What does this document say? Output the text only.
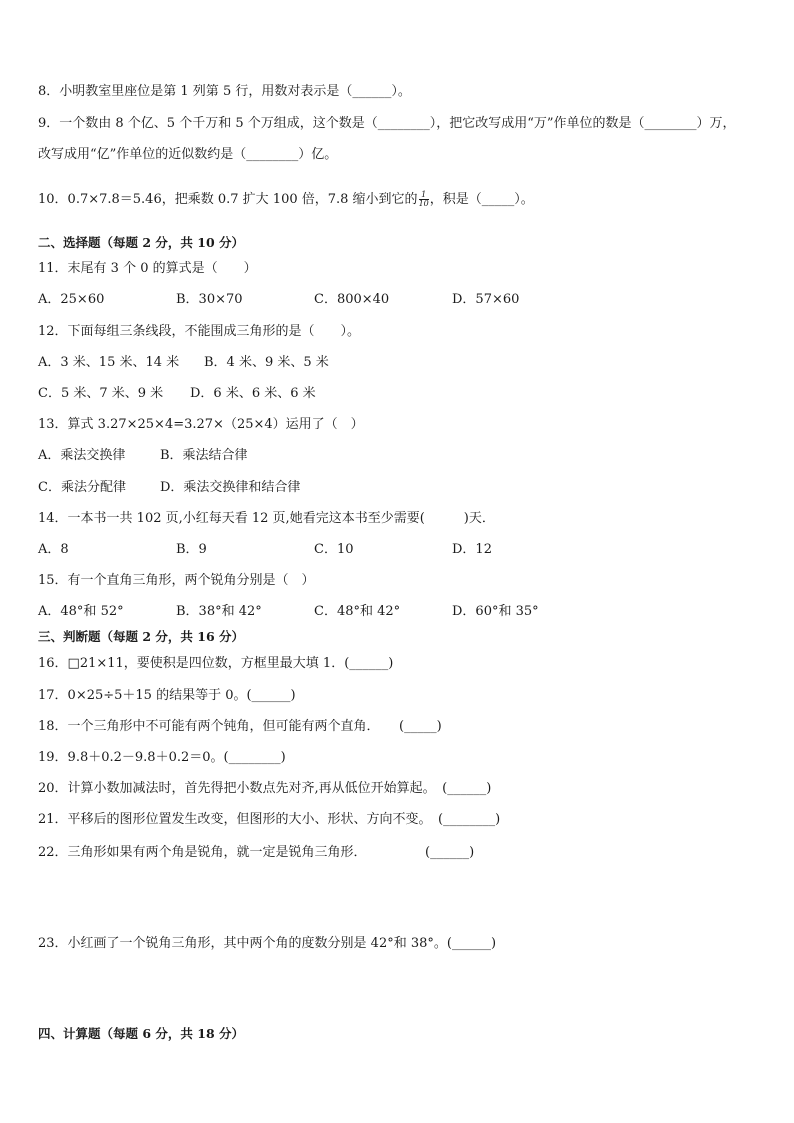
8．小明教室里座位是第 1 列第 5 行，用数对表示是（______）。
9．一个数由 8 个亿、5 个千万和 5 个万组成，这个数是（________），把它改写成用“万”作单位的数是（________）万，
改写成用“亿”作单位的近似数约是（________）亿。
10．0.7×7.8＝5.46，把乘数 0.7 扩大 100 倍，7.8 缩小到它的 $\frac{1}{10}$ ，积是（_____）。
二、选择题（每题 2 分，共 10 分）
11．末尾有 3 个 0 的算式是（　　）
A．25×60	B．30×70	C．800×40	D．57×60
12．下面每组三条线段，不能围成三角形的是（　　）。
A．3 米、15 米、14 米 B．4 米、9 米、5 米
C．5 米、7 米、9 米 D．6 米、6 米、6 米
13．算式 3.27×25×4=3.27×（25×4）运用了（　）
A．乘法交换律	B．乘法结合律
C．乘法分配律	D．乘法交换律和结合律
14．一本书一共 102 页,小红每天看 12 页,她看完这本书至少需要(　　　)天．
A．8	B．9	C．10	D．12
15．有一个直角三角形，两个锐角分别是（　）
A．48°和 52°	B．38°和 42°	C．48°和 42°	D．60°和 35°
三、判断题（每题 2 分，共 16 分）
16．□21×11，要使积是四位数，方框里最大填 1．(______)
17．0×25÷5＋15 的结果等于 0。(______)
18．一个三角形中不可能有两个钝角，但可能有两个直角．　　(_____)
19．9.8＋0.2－9.8＋0.2＝0。(________)
20．计算小数加减法时，首先得把小数点先对齐,再从低位开始算起。　(______)
21．平移后的图形位置发生改变，但图形的大小、形状、方向不变。　(________)
22．三角形如果有两个角是锐角，就一定是锐角三角形．　　　　　(______)
23．小红画了一个锐角三角形，其中两个角的度数分别是 42°和 38°。(______)
四、计算题（每题 6 分，共 18 分）
